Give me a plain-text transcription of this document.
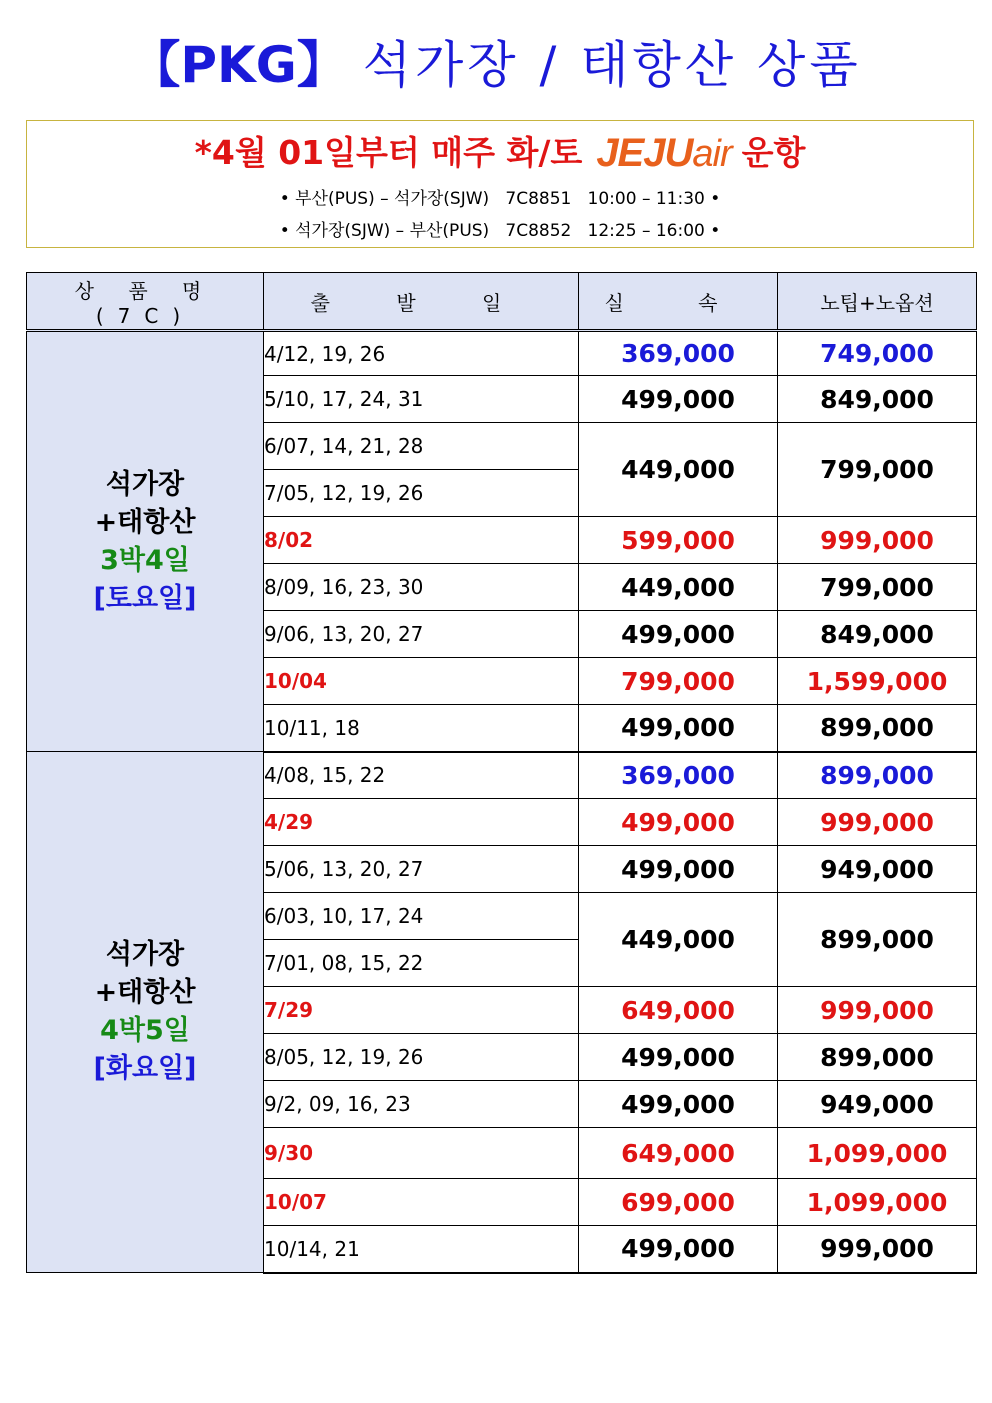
【PKG】 석가장 / 태항산 상품
*4월 01일부터 매주 화/토 JEJUair 운항
• 부산(PUS) – 석가장(SJW)   7C8851   10:00 – 11:30 •
• 석가장(SJW) – 부산(PUS)   7C8852   12:25 – 16:00 •
상 품 명(7C)	출 발 일	실 속	노팁+노옵션

석가장
+태항산
3박4일
[토요일]	4/12, 19, 26	369,000	749,000
	5/10, 17, 24, 31	499,000	849,000
	6/07, 14, 21, 28	449,000	799,000
	7/05, 12, 19, 26		
	8/02	599,000	999,000
	8/09, 16, 23, 30	449,000	799,000
	9/06, 13, 20, 27	499,000	849,000
	10/04	799,000	1,599,000
	10/11, 18	499,000	899,000

석가장
+태항산
4박5일
[화요일]	4/08, 15, 22	369,000	899,000
	4/29	499,000	999,000
	5/06, 13, 20, 27	499,000	949,000
	6/03, 10, 17, 24	449,000	899,000
	7/01, 08, 15, 22		
	7/29	649,000	999,000
	8/05, 12, 19, 26	499,000	899,000
	9/2, 09, 16, 23	499,000	949,000
	9/30	649,000	1,099,000
	10/07	699,000	1,099,000
	10/14, 21	499,000	999,000
